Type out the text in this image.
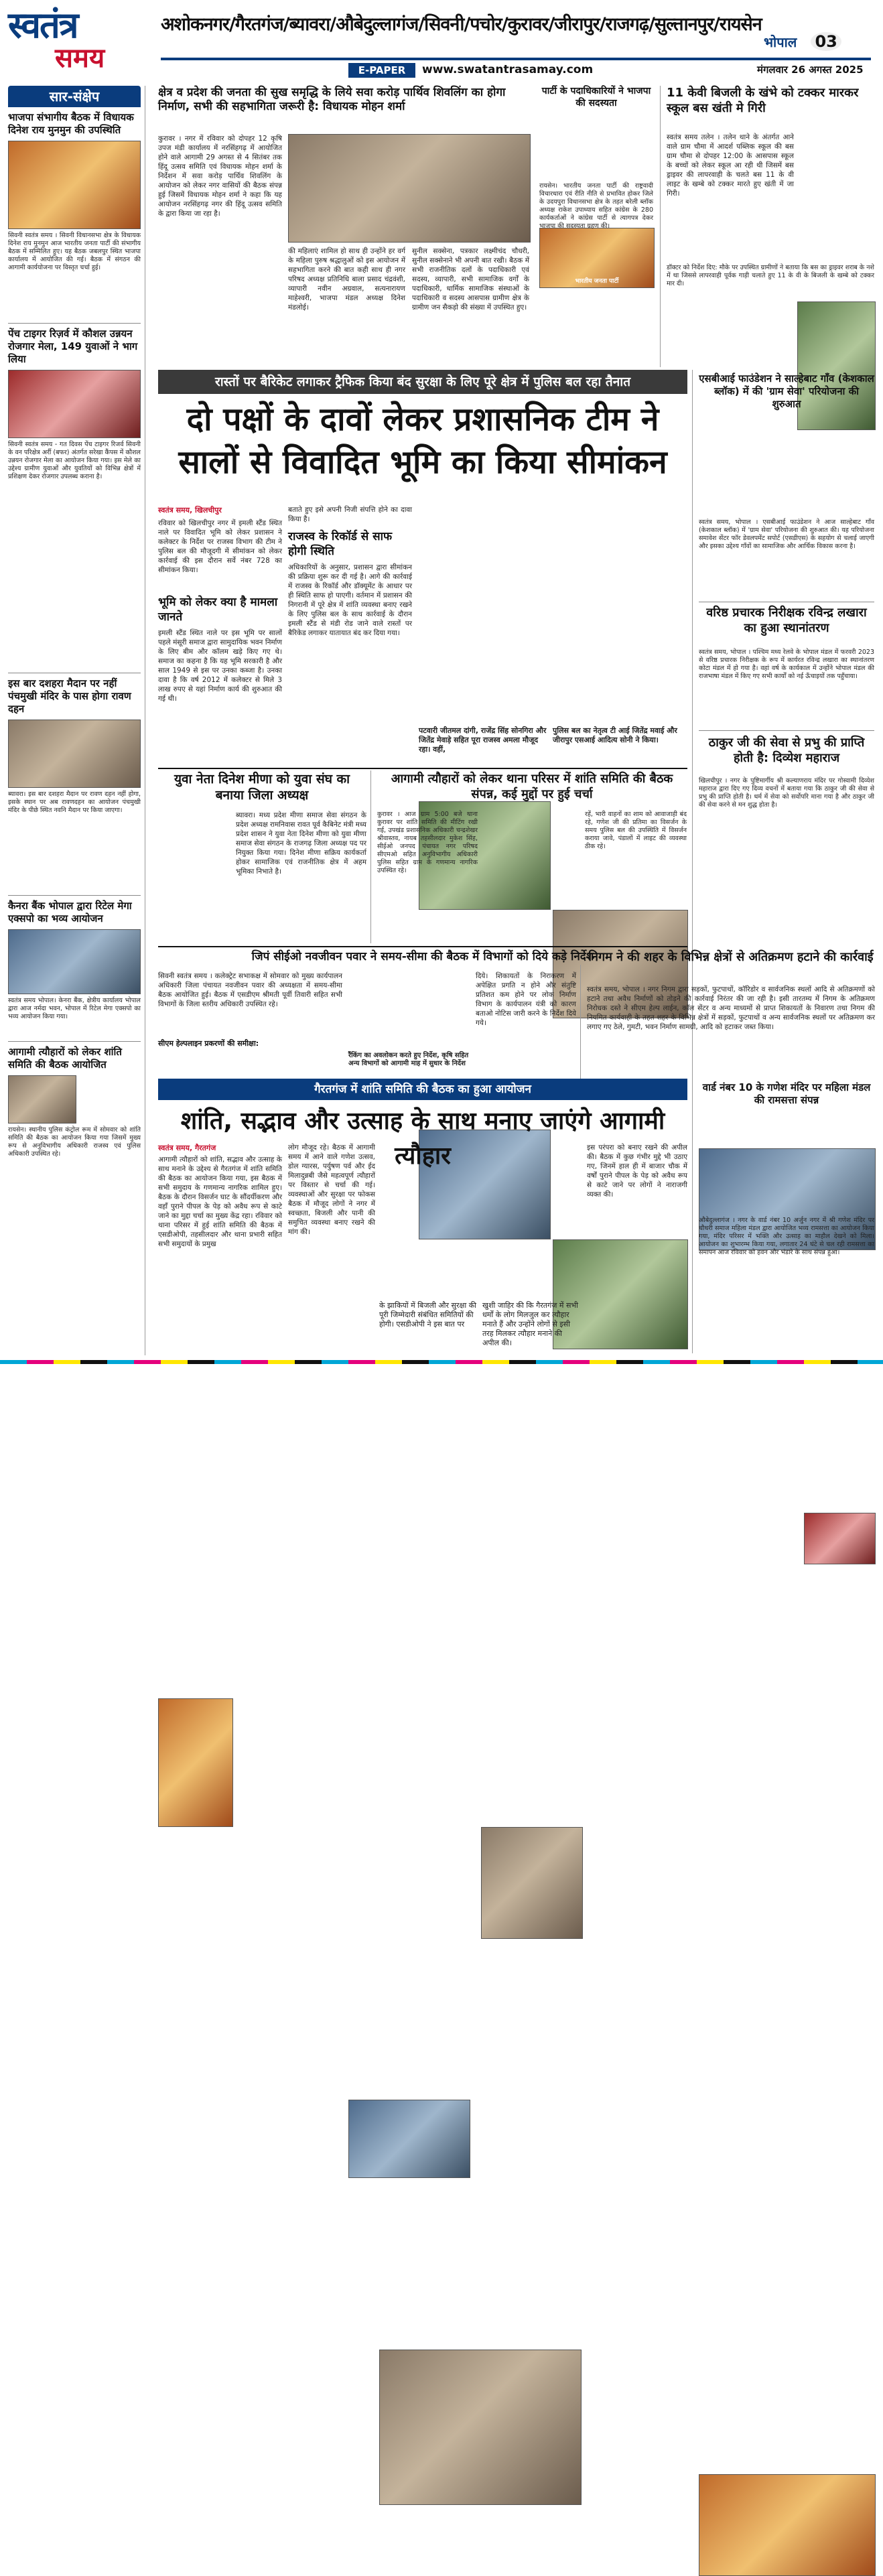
स्वतंत्र
समय
अशोकनगर/गैरतगंज/ब्यावरा/औबेदुल्लागंज/सिवनी/पचोर/कुरावर/जीरापुर/राजगढ़/सुल्तानपुर/रायसेन
भोपाल 03
E-PAPER	www.swatantrasamay.com	मंगलवार 26 अगस्त 2025
सार-संक्षेप
भाजपा संभागीय बैठक में विधायक दिनेश राय मुनमुन की उपस्थिति
सिवनी स्वतंत्र समय । सिवनी विधानसभा क्षेत्र के विधायक दिनेश राय मुनमुन आज भारतीय जनता पार्टी की संभागीय बैठक में सम्मिलित हुए। यह बैठक जबलपुर स्थित भाजपा कार्यालय में आयोजित की गई। बैठक में संगठन की आगामी कार्ययोजना पर विस्तृत चर्चा हुई।
पेंच टाइगर रिज़र्व में कौशल उन्नयन रोजगार मेला, 149 युवाओं ने भाग लिया
सिवनी स्वतंत्र समय - गत दिवस पेंच टाइगर रिजर्व सिवनी के वन परिक्षेत्र अर्री (बफर) अंतर्गत सरेखा कैंपस में कौशल उन्नयन रोजगार मेला का आयोजन किया गया। इस मेले का उद्देश्य ग्रामीण युवाओं और युवतियों को विभिन्न क्षेत्रों में प्रशिक्षण देकर रोजगार उपलब्ध कराना है।
इस बार दशहरा मैदान पर नहीं पंचमुखी मंदिर के पास होगा रावण दहन
ब्यावरा। इस बार दशहरा मैदान पर रावण दहन नहीं होगा, इसके स्थान पर अब रावणदहन का आयोजन पंचमुखी मंदिर के पीछे स्थित नवनि मैदान पर किया जाएगा।
कैनरा बैंक भोपाल द्वारा रिटेल मेगा एक्सपो का भव्य आयोजन
स्वतंत्र समय भोपाल। केनरा बैंक, क्षेत्रीय कार्यालय भोपाल द्वारा आज नर्मदा भवन, भोपाल में रिटेल मेगा एक्सपो का भव्य आयोजन किया गया।
आगामी त्यौहारों को लेकर शांति समिति की बैठक आयोजित
रायसेन। स्थानीय पुलिस कंट्रोल रूम में सोमवार को शांति समिति की बैठक का आयोजन किया गया जिसमें मुख्य रूप से अनुविभागीय अधिकारी राजस्व एवं पुलिस अधिकारी उपस्थित रहे।
क्षेत्र व प्रदेश की जनता की सुख समृद्धि के लिये सवा करोड़ पार्थिव शिवलिंग का होगा निर्माण, सभी की सहभागिता जरूरी है: विधायक मोहन शर्मा
कुरावर । नगर में रविवार को दोपहर 12 कृषि उपज मंडी कार्यालय में नरसिंहगढ़ में आयोजित होने वाले आगामी 29 अगस्त से 4 सितंबर तक हिंदू उत्सव समिति एवं विधायक मोहन शर्मा के निर्देशन में सवा करोड़ पार्थिव शिवलिंग के आयोजन को लेकर नगर वासियों की बैठक संपन्न हुई जिसमें विधायक मोहन शर्मा ने कहा कि यह आयोजन नरसिंहगढ़ नगर की हिंदू उत्सव समिति के द्वारा किया जा रहा है।
की महिलाएं शामिल हो साथ ही उन्होंने हर वर्ग के महिला पुरुष श्रद्धालुओं को इस आयोजन में सहभागिता करने की बात कही साथ ही नगर परिषद अध्यक्ष प्रतिनिधि बाला प्रसाद चंद्रवंशी, व्यापारी नवीन अग्रवाल, सत्यनारायण माहेश्वरी, भाजपा मंडल अध्यक्ष दिनेश मंडलोई।
सुनील सक्सेना, पत्रकार लक्ष्मीचंद चौधरी, सुनील सक्सेनाने भी अपनी बात रखी। बैठक में सभी राजनीतिक दलों के पदाधिकारी एवं सदस्य, व्यापारी, सभी सामाजिक वर्गों के पदाधिकारी, धार्मिक सामाजिक संस्थाओं के पदाधिकारी व सदस्य आसपास ग्रामीण क्षेत्र के ग्रामीण जन सैकड़ो की संख्या में उपस्थित हुए।
पार्टी के पदाधिकारियों ने भाजपा की सदस्यता
भारतीय जनता पार्टी
रायसेन। भारतीय जनता पार्टी की राष्ट्रवादी विचारधारा एवं रीति नीति से प्रभावित होकर जिले के उदयपुरा विधानसभा क्षेत्र के तहत बरेली ब्लॉक अध्यक्ष राकेश उपाध्याय सहित कांग्रेस के 280 कार्यकर्ताओं ने कांग्रेस पार्टी से त्यागपत्र देकर भाजपा की सदस्यता ग्रहण की।
11 केवी बिजली के खंभे को टक्कर मारकर स्कूल बस खंती मे गिरी
स्वतंत्र समय तलेन । तलेन थाने के अंतर्गत आने वाले ग्राम चौमा में आदर्श पब्लिक स्कूल की बस ग्राम चौमा से दोपहर 12:00 के आसपास स्कूल के बच्चों को लेकर स्कूल आ रही थी जिसमें बस ड्राइवर की लापरवाही के चलते बस 11 के वी लाइट के खम्बे को टक्कर मारते हुए खंती में जा गिरी।
डॉक्टर को निर्देश दिए: मौके पर उपस्थित ग्रामीणों ने बताया कि बस का ड्राइवर शराब के नशे में था जिससे लापरवाही पूर्वक गाड़ी चलाते हुए 11 के वी के बिजली के खम्बे को टक्कर मार दी।
रास्तों पर बैरिकेट लगाकर ट्रैफिक किया बंद सुरक्षा के लिए पूरे क्षेत्र में पुलिस बल रहा तैनात
दो पक्षों के दावों लेकर प्रशासनिक टीम ने
सालों से विवादित भूमि का किया सीमांकन
स्वतंत्र समय, खिलचीपुर
रविवार को खिलचीपुर नगर में इमली स्टैंड स्थित नाले पर विवादित भूमि को लेकर प्रशासन ने कलेक्टर के निर्देश पर राजस्व विभाग की टीम ने पुलिस बल की मौजूदगी में सीमांकन को लेकर कार्रवाई की इस दौरान सर्वे नंबर 728 का सीमांकन किया।
भूमि को लेकर क्या है मामला जानते
इमली स्टैंड स्थित नाले पर इस भूमि पर सालों पहले मंसूरी समाज द्वारा सामुदायिक भवन निर्माण के लिए बीम और कॉलम खड़े किए गए थे। समाज का कहना है कि यह भूमि सरकारी है और साल 1949 से इस पर उनका कब्जा है। उनका दावा है कि वर्ष 2012 में कलेक्टर से मिले 3 लाख रुपए से यहां निर्माण कार्य की शुरुआत की गई थी।
बताते हुए इसे अपनी निजी संपत्ति होने का दावा किया है।
राजस्व के रिकॉर्ड से साफ होगी स्थिति
अधिकारियों के अनुसार, प्रशासन द्वारा सीमांकन की प्रक्रिया शुरू कर दी गई है। आगे की कार्रवाई में राजस्व के रिकॉर्ड और डॉक्यूमेंट के आधार पर ही स्थिति साफ हो पाएगी। वर्तमान में प्रशासन की निगरानी में पूरे क्षेत्र में शांति व्यवस्था बनाए रखने के लिए पुलिस बल के साथ कार्रवाई के दौरान इमली स्टैंड से मंडी रोड जाने वाले रास्तों पर बैरिकेड लगाकर यातायात बंद कर दिया गया।
पटवारी जीतमल दांगी, राजेंद्र सिंह सोनगिरा और जितेंद्र मेवाड़े सहित पूरा राजस्व अमला मौजूद रहा। वहीं,
पुलिस बल का नेतृत्व टी आई जितेंद्र मवाई और जीरापुर एसआई आदित्य सोनी ने किया।
एसबीआई फाउंडेशन ने साल्हेबाट गाँव (केशकाल ब्लॉक) में की 'ग्राम सेवा' परियोजना की शुरुआत
स्वतंत्र समय, भोपाल । एसबीआई फाउंडेशन ने आज साल्हेबाट गाँव (केशकाल ब्लॉक) में 'ग्राम सेवा' परियोजना की शुरुआत की। यह परियोजना समावेश सेंटर फॉर डेवलपमेंट सपोर्ट (एसडीएस) के सहयोग से चलाई जाएगी और इसका उद्देश्य गाँवों का सामाजिक और आर्थिक विकास करना है।
वरिष्ठ प्रचारक निरीक्षक रविन्द्र लखारा का हुआ स्थानांतरण
स्वतंत्र समय, भोपाल । पश्चिम मध्य रेलवे के भोपाल मंडल में फरवरी 2023 से वरिष्ठ प्रचारक निरीक्षक के रूप में कार्यरत रविन्द्र लखारा का स्थानांतरण कोटा मंडल में हो गया है। वहां वर्ष के कार्यकाल में उन्होंने भोपाल मंडल की राजभाषा मंडल में किए गए सभी कार्यों को नई ऊँचाइयों तक पहुँचाया।
ठाकुर जी की सेवा से प्रभु की प्राप्ति होती है: दिव्येश महाराज
खिलचीपुर । नगर के पुष्टिमार्गीय श्री कल्याणराय मंदिर पर गोस्वामी दिव्येश महाराज द्वारा दिए गए दिव्य वचनों में बताया गया कि ठाकुर जी की सेवा से प्रभु की प्राप्ति होती है। धर्म में सेवा को सर्वोपरि माना गया है और ठाकुर जी की सेवा करने से मन शुद्ध होता है।
युवा नेता दिनेश मीणा को युवा संघ का बनाया जिला अध्यक्ष
ब्यावरा। मध्य प्रदेश मीणा समाज सेवा संगठन के प्रदेश अध्यक्ष रामनिवास रावत पूर्व कैबिनेट मंत्री मध्य प्रदेश शासन ने युवा नेता दिनेश मीणा को युवा मीणा समाज सेवा संगठन के राजगढ़ जिला अध्यक्ष पद पर नियुक्त किया गया। दिनेश मीणा सक्रिय कार्यकर्ता होकर सामाजिक एवं राजनीतिक क्षेत्र में अहम भूमिका निभाते है।
आगामी त्यौहारों को लेकर थाना परिसर में शांति समिति की बैठक संपन्न, कई मुद्दों पर हुई चर्चा
कुरावर । आज ग्राम 5:00 बजे थाना कुरावर पर शांति समिति की मीटिंग रखी गई, उपखंड प्रशासनिक अधिकारी चन्द्रशेखर श्रीवास्तव, नायब तहसीलदार मुकेश सिंह, सीईओ जनपद पंचायत नगर परिषद सीएमओ सहित अनुविभागीय अधिकारी पुलिस सहित ग्राम के गणमान्य नागरिक उपस्थित रहे।
रहें, भारी वाहनों का शाम को आवाजाही बंद रहे, गणेश जी की प्रतिमा का विसर्जन के समय पुलिस बल की उपस्थिति में विसर्जन कराया जावे, पंडालों में लाइट की व्यवस्था ठीक रहे।
जिपं सीईओ नवजीवन पवार ने समय-सीमा की बैठक में विभागों को दिये कड़े निर्देश
सिवनी स्वतंत्र समय । कलेक्ट्रेट सभाकक्ष में सोमवार को मुख्य कार्यपालन अधिकारी जिला पंचायत नवजीवन पवार की अध्यक्षता में समय-सीमा बैठक आयोजित हुई। बैठक में एसडीएम श्रीमती पूर्वी तिवारी सहित सभी विभागों के जिला स्तरीय अधिकारी उपस्थित रहे।
सीएम हेल्पलाइन प्रकरणों की समीक्षा:
रैंकिंग का अवलोकन करते हुए निर्देश, कृषि सहित अन्य विभागों को आगामी माह में सुधार के निर्देश
दिये। शिकायतों के निराकरण में अपेक्षित प्रगति न होने और संतुष्टि प्रतिशत कम होने पर लोक निर्माण विभाग के कार्यपालन यंत्री को कारण बताओ नोटिस जारी करने के निर्देश दिये गये।
निगम ने की शहर के विभिन्न क्षेत्रों से अतिक्रमण हटाने की कार्रवाई
स्वतंत्र समय, भोपाल । नगर निगम द्वारा सड़कों, फुटपाथों, कॉरिडोर व सार्वजनिक स्थलों आदि से अतिक्रमणों को हटाने तथा अवैध निर्माणों को तोड़ने की कार्रवाई निरंतर की जा रही है। इसी तारतम्य में निगम के अतिक्रमण निरोधक दस्ते ने सीएम हेल्प लाईन, कॉल सेंटर व अन्य माध्यमों से प्राप्त शिकायतों के निवारण तथा निगम की नियमित कार्यवाही के तहत शहर के विभिन्न क्षेत्रों में सड़कों, फुटपाथों व अन्य सार्वजनिक स्थलों पर अतिक्रमण कर लगाए गए ठेले, गुमटी, भवन निर्माण सामग्री, आदि को हटाकर जब्त किया।
गैरतगंज में शांति समिति की बैठक का हुआ आयोजन
शांति, सद्भाव और उत्साह के साथ मनाए जाएंगे आगामी त्यौहार
स्वतंत्र समय, गैरतगंज
आगामी त्यौहारों को शांति, सद्भाव और उत्साह के साथ मनाने के उद्देश्य से गैरतगंज में शांति समिति की बैठक का आयोजन किया गया, इस बैठक में सभी समुदाय के गणमान्य नागरिक शामिल हुए। बैठक के दौरान विसर्जन घाट के सौंदर्यीकरण और वहाँ पुराने पीपल के पेड़ को अवैध रूप से काटे जाने का मुद्दा चर्चा का मुख्य केंद्र रहा। रविवार को थाना परिसर में हुई शांति समिति की बैठक में एसडीओपी, तहसीलदार और थाना प्रभारी सहित सभी समुदायों के प्रमुख
लोग मौजूद रहे। बैठक में आगामी समय में आने वाले गणेश उत्सव, डोल ग्यारस, पर्युषण पर्व और ईद मिलादुन्नबी जैसे महत्वपूर्ण त्यौहारों पर विस्तार से चर्चा की गई। व्यवस्थाओं और सुरक्षा पर फोकस बैठक में मौजूद लोगों ने नगर में स्वच्छता, बिजली और पानी की समुचित व्यवस्था बनाए रखने की मांग की।
के झाकियों में बिजली और सुरक्षा की पूरी जिम्मेदारी संबंधित समितियों की होगी। एसडीओपी ने इस बात पर
खुशी जाहिर की कि गैरतगंज में सभी धर्मों के लोग मिलजुल कर त्यौहार मनाते हैं और उन्होंने लोगों से इसी तरह मिलकर त्यौहार मनाने की अपील की।
इस परंपरा को बनाए रखने की अपील की। बैठक में कुछ गंभीर मुद्दे भी उठाए गए, जिनमें हाल ही में बाजार चौक में वर्षों पुराने पीपल के पेड़ को अवैध रूप से काटे जाने पर लोगों ने नाराजगी व्यक्त की।
वार्ड नंबर 10 के गणेश मंदिर पर महिला मंडल की रामसत्ता संपन्न
औबेदुल्लागंज । नगर के वार्ड नंबर 10 अर्जुन नगर में श्री गणेश मंदिर पर चौधरी समाज महिला मंडल द्वारा आयोजित भव्य रामसत्ता का आयोजन किया गया, मंदिर परिसर में भक्ति और उत्साह का माहौल देखने को मिला। आयोजन का शुभारम्भ किया गया, लगातार 24 घंटे से चल रही रामसत्ता का समापन आज रविवार को हवन और भंडारे के साथ संपन्न हुआ।
